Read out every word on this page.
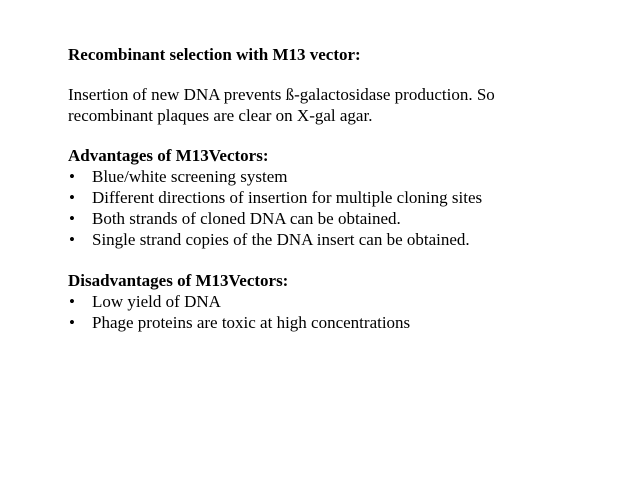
Recombinant selection with M13 vector:

Insertion of new DNA prevents ß-galactosidase production. So

recombinant plaques are clear on X-gal agar.

Advantages of M13Vectors:

• Blue/white screening system
• Different directions of insertion for multiple cloning sites
• Both strands of cloned DNA can be obtained.
• Single strand copies of the DNA insert can be obtained.

Disadvantages of M13Vectors:

• Low yield of DNA
• Phage proteins are toxic at high concentrations
